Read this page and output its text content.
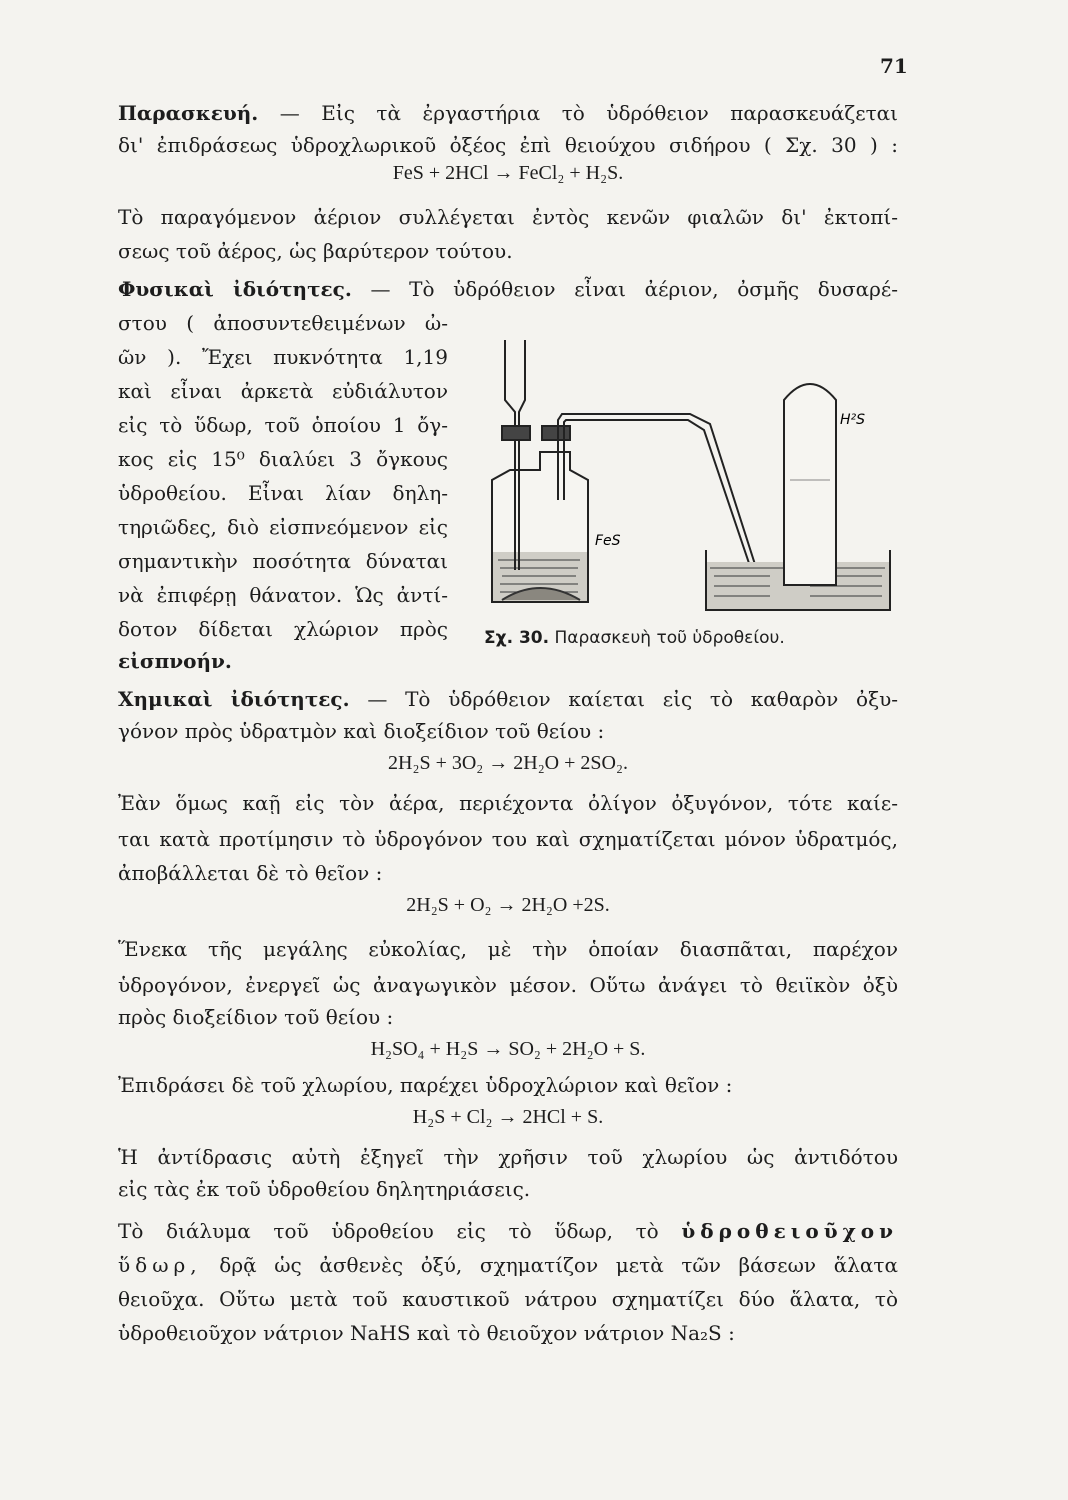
71
Παρασκευή. — Εἰς τὰ ἐργαστήρια τὸ ὑδρόθειον παρασκευάζεται
δι' ἐπιδράσεως ὑδροχλωρικοῦ ὀξέος ἐπὶ θειούχου σιδήρου ( Σχ. 30 ) :
FeS + 2HCl → FeCl₂ + H₂S.
Τὸ παραγόμενον ἀέριον συλλέγεται ἐντὸς κενῶν φιαλῶν δι' ἐκτοπί-
σεως τοῦ ἀέρος, ὡς βαρύτερον τούτου.
Φυσικαὶ ἰδιότητες. — Τὸ ὑδρόθειον εἶναι ἀέριον, ὀσμῆς δυσαρέ-
στου ( ἀποσυντεθειμένων ὠ-
ῶν ). Ἔχει πυκνότητα 1,19
καὶ εἶναι ἀρκετὰ εὐδιάλυτον
εἰς τὸ ὕδωρ, τοῦ ὁποίου 1 ὄγ-
κος εἰς 15⁰ διαλύει 3 ὄγκους
ὑδροθείου. Εἶναι λίαν δηλη-
τηριῶδες, διὸ εἰσπνεόμενον εἰς
σημαντικὴν ποσότητα δύναται
νὰ ἐπιφέρῃ θάνατον. Ὡς ἀντί-
δοτον δίδεται χλώριον πρὸς
εἰσπνοήν.
FeS
H²S
Σχ. 30. Παρασκευὴ τοῦ ὑδροθείου.
Χημικαὶ ἰδιότητες. — Τὸ ὑδρόθειον καίεται εἰς τὸ καθαρὸν ὀξυ-
γόνον πρὸς ὑδρατμὸν καὶ διοξείδιον τοῦ θείου :
2H₂S + 3O₂ → 2H₂O + 2SO₂.
Ἐὰν ὅμως καῇ εἰς τὸν ἀέρα, περιέχοντα ὀλίγον ὀξυγόνον, τότε καίε-
ται κατὰ προτίμησιν τὸ ὑδρογόνον του καὶ σχηματίζεται μόνον ὑδρατμός,
ἀποβάλλεται δὲ τὸ θεῖον :
2H₂S + O₂ → 2H₂O +2S.
Ἕνεκα τῆς μεγάλης εὐκολίας, μὲ τὴν ὁποίαν διασπᾶται, παρέχον
ὑδρογόνον, ἐνεργεῖ ὡς ἀναγωγικὸν μέσον. Οὕτω ἀνάγει τὸ θειϊκὸν ὀξὺ
πρὸς διοξείδιον τοῦ θείου :
H₂SO₄ + H₂S → SO₂ + 2H₂O + S.
Ἐπιδράσει δὲ τοῦ χλωρίου, παρέχει ὑδροχλώριον καὶ θεῖον :
H₂S + Cl₂ → 2HCl + S.
Ἡ ἀντίδρασις αὐτὴ ἐξηγεῖ τὴν χρῆσιν τοῦ χλωρίου ὡς ἀντιδότου
εἰς τὰς ἐκ τοῦ ὑδροθείου δηλητηριάσεις.
Τὸ διάλυμα τοῦ ὑδροθείου εἰς τὸ ὕδωρ, τὸ ὑδροθειοῦχον
ὕδωρ, δρᾷ ὡς ἀσθενὲς ὀξύ, σχηματίζον μετὰ τῶν βάσεων ἅλατα
θειοῦχα. Οὕτω μετὰ τοῦ καυστικοῦ νάτρου σχηματίζει δύο ἅλατα, τὸ
ὑδροθειοῦχον νάτριον NaHS καὶ τὸ θειοῦχον νάτριον Na₂S :
